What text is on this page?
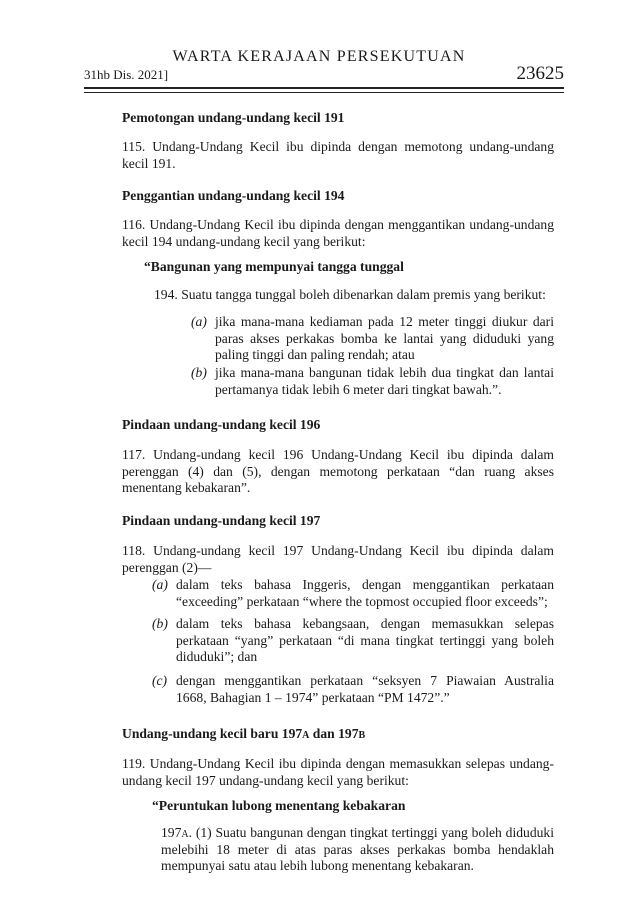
WARTA KERAJAAN PERSEKUTUAN
31hb Dis. 2021]	23625
Pemotongan undang-undang kecil 191
115. Undang-Undang Kecil ibu dipinda dengan memotong undang-undang kecil 191.
Penggantian undang-undang kecil 194
116. Undang-Undang Kecil ibu dipinda dengan menggantikan undang-undang kecil 194 undang-undang kecil yang berikut:
“Bangunan yang mempunyai tangga tunggal
194. Suatu tangga tunggal boleh dibenarkan dalam premis yang berikut:
(a) jika mana-mana kediaman pada 12 meter tinggi diukur dari paras akses perkakas bomba ke lantai yang diduduki yang paling tinggi dan paling rendah; atau
(b) jika mana-mana bangunan tidak lebih dua tingkat dan lantai pertamanya tidak lebih 6 meter dari tingkat bawah.”.
Pindaan undang-undang kecil 196
117. Undang-undang kecil 196 Undang-Undang Kecil ibu dipinda dalam perenggan (4) dan (5), dengan memotong perkataan “dan ruang akses menentang kebakaran”.
Pindaan undang-undang kecil 197
118. Undang-undang kecil 197 Undang-Undang Kecil ibu dipinda dalam perenggan (2)—
(a) dalam teks bahasa Inggeris, dengan menggantikan perkataan “exceeding” perkataan “where the topmost occupied floor exceeds”;
(b) dalam teks bahasa kebangsaan, dengan memasukkan selepas perkataan “yang” perkataan “di mana tingkat tertinggi yang boleh diduduki”; dan
(c) dengan menggantikan perkataan “seksyen 7 Piawaian Australia 1668, Bahagian 1 – 1974” perkataan “PM 1472”.”
Undang-undang kecil baru 197a dan 197b
119. Undang-Undang Kecil ibu dipinda dengan memasukkan selepas undang-undang kecil 197 undang-undang kecil yang berikut:
“Peruntukan lubong menentang kebakaran
197a. (1) Suatu bangunan dengan tingkat tertinggi yang boleh diduduki melebihi 18 meter di atas paras akses perkakas bomba hendaklah mempunyai satu atau lebih lubong menentang kebakaran.
